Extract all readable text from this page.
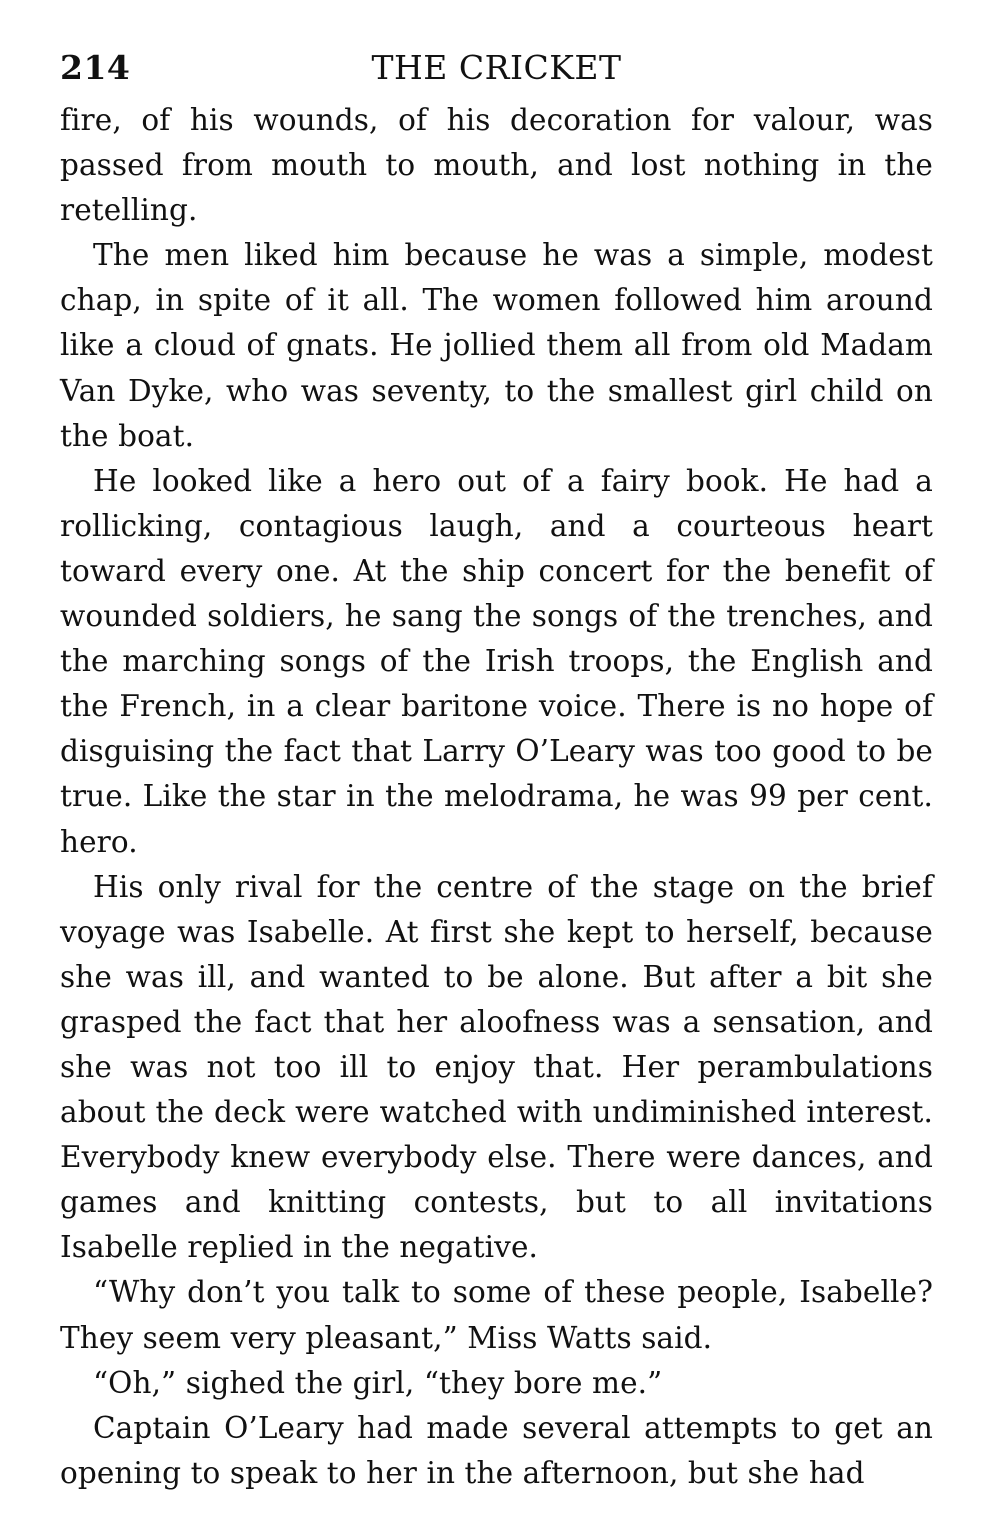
214	THE CRICKET

fire, of his wounds, of his decoration for valour, was passed from mouth to mouth, and lost nothing in the retelling.

The men liked him because he was a simple, modest chap, in spite of it all. The women followed him around like a cloud of gnats. He jollied them all from old Madam Van Dyke, who was seventy, to the smallest girl child on the boat.

He looked like a hero out of a fairy book. He had a rollicking, contagious laugh, and a courteous heart toward every one. At the ship concert for the benefit of wounded soldiers, he sang the songs of the trenches, and the marching songs of the Irish troops, the English and the French, in a clear baritone voice. There is no hope of disguising the fact that Larry O’Leary was too good to be true. Like the star in the melodrama, he was 99 per cent. hero.

His only rival for the centre of the stage on the brief voyage was Isabelle. At first she kept to herself, because she was ill, and wanted to be alone. But after a bit she grasped the fact that her aloofness was a sensation, and she was not too ill to enjoy that. Her perambulations about the deck were watched with undiminished interest. Everybody knew everybody else. There were dances, and games and knitting contests, but to all invitations Isabelle replied in the negative.

“Why don’t you talk to some of these people, Isabelle? They seem very pleasant,” Miss Watts said.

“Oh,” sighed the girl, “they bore me.”

Captain O’Leary had made several attempts to get an opening to speak to her in the afternoon, but she had
